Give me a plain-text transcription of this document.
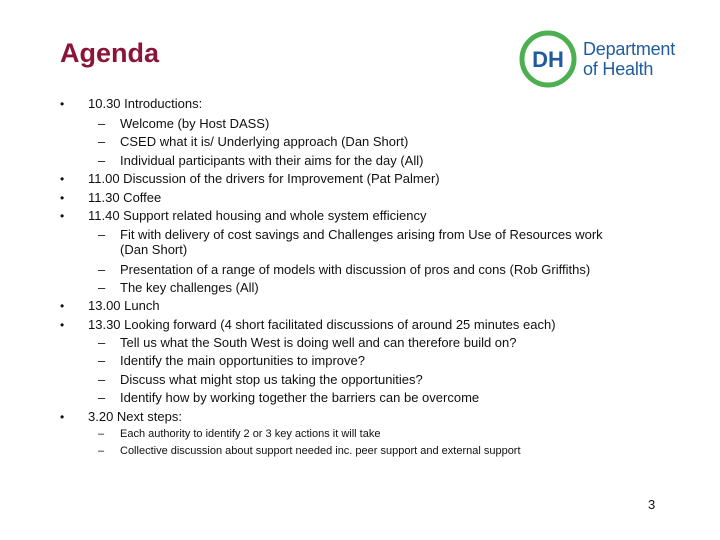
Agenda	DH Department
of Health
• 10.30 Introductions:
– Welcome (by Host DASS)
– CSED what it is/ Underlying approach (Dan Short)
– Individual participants with their aims for the day (All)
• 11.00 Discussion of the drivers for Improvement (Pat Palmer)
• 11.30 Coffee
• 11.40 Support related housing and whole system efficiency
– Fit with delivery of cost savings and Challenges arising from Use of Resources work
(Dan Short)
– Presentation of a range of models with discussion of pros and cons (Rob Griffiths)
– The key challenges (All)
• 13.00 Lunch
• 13.30 Looking forward (4 short facilitated discussions of around 25 minutes each)
– Tell us what the South West is doing well and can therefore build on?
– Identify the main opportunities to improve?
– Discuss what might stop us taking the opportunities?
– Identify how by working together the barriers can be overcome
• 3.20 Next steps:
– Each authority to identify 2 or 3 key actions it will take
– Collective discussion about support needed inc. peer support and external support
3
